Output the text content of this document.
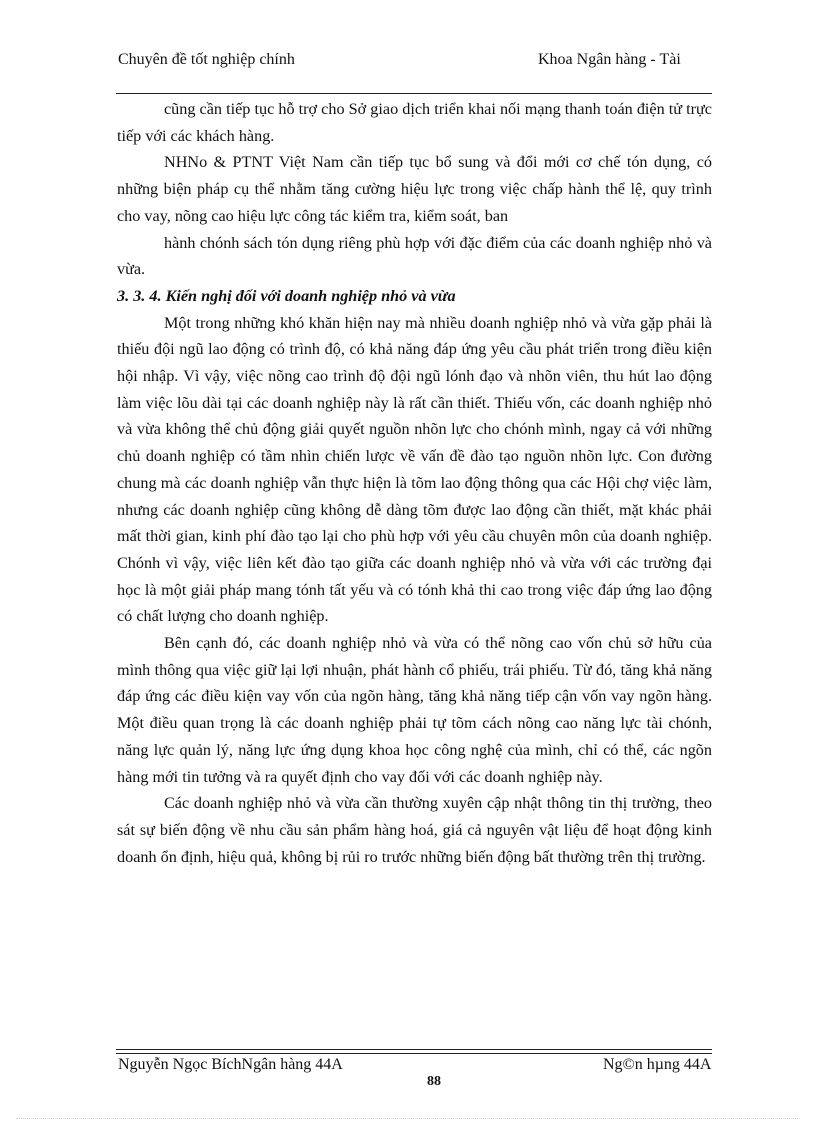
Chuyên đề tốt nghiệp chính	Khoa Ngân hàng - Tài

cũng cần tiếp tục hỗ trợ cho Sở giao dịch triển khai nối mạng thanh toán điện tử trực tiếp với các khách hàng.

NHNo & PTNT Việt Nam cần tiếp tục bổ sung và đổi mới cơ chế tón dụng, có những biện pháp cụ thể nhằm tăng cường hiệu lực trong việc chấp hành thể lệ, quy trình cho vay, nõng cao hiệu lực công tác kiểm tra, kiểm soát, ban

hành chónh sách tón dụng riêng phù hợp với đặc điểm của các doanh nghiệp nhỏ và vừa.

3. 3. 4. Kiến nghị đối với doanh nghiệp nhỏ và vừa

Một trong những khó khăn hiện nay mà nhiều doanh nghiệp nhỏ và vừa gặp phải là thiếu đội ngũ lao động có trình độ, có khả năng đáp ứng yêu cầu phát triển trong điều kiện hội nhập. Vì vậy, việc nõng cao trình độ đội ngũ lónh đạo và nhõn viên, thu hút lao động làm việc lõu dài tại các doanh nghiệp này là rất cần thiết. Thiếu vốn, các doanh nghiệp nhỏ và vừa không thể chủ động giải quyết nguồn nhõn lực cho chónh mình, ngay cả với những chủ doanh nghiệp có tầm nhìn chiến lược về vấn đề đào tạo nguồn nhõn lực. Con đường chung mà các doanh nghiệp vẫn thực hiện là tõm lao động thông qua các Hội chợ việc làm, nhưng các doanh nghiệp cũng không dễ dàng tõm được lao động cần thiết, mặt khác phải mất thời gian, kinh phí đào tạo lại cho phù hợp với yêu cầu chuyên môn của doanh nghiệp. Chónh vì vậy, việc liên kết đào tạo giữa các doanh nghiệp nhỏ và vừa với các trường đại học là một giải pháp mang tónh tất yếu và có tónh khả thi cao trong việc đáp ứng lao động có chất lượng cho doanh nghiệp.

Bên cạnh đó, các doanh nghiệp nhỏ và vừa có thể nõng cao vốn chủ sở hữu của mình thông qua việc giữ lại lợi nhuận, phát hành cổ phiếu, trái phiếu. Từ đó, tăng khả năng đáp ứng các điều kiện vay vốn của ngõn hàng, tăng khả năng tiếp cận vốn vay ngõn hàng. Một điều quan trọng là các doanh nghiệp phải tự tõm cách nõng cao năng lực tài chónh, năng lực quản lý, năng lực ứng dụng khoa học công nghệ của mình, chỉ có thể, các ngõn hàng mới tin tưởng và ra quyết định cho vay đối với các doanh nghiệp này.

Các doanh nghiệp nhỏ và vừa cần thường xuyên cập nhật thông tin thị trường, theo sát sự biến động về nhu cầu sản phẩm hàng hoá, giá cả nguyên vật liệu để hoạt động kinh doanh ổn định, hiệu quả, không bị rủi ro trước những biến động bất thường trên thị trường.

Nguyễn Ngọc BíchNgân hàng 44A	Ng©n hµng 44A
88
